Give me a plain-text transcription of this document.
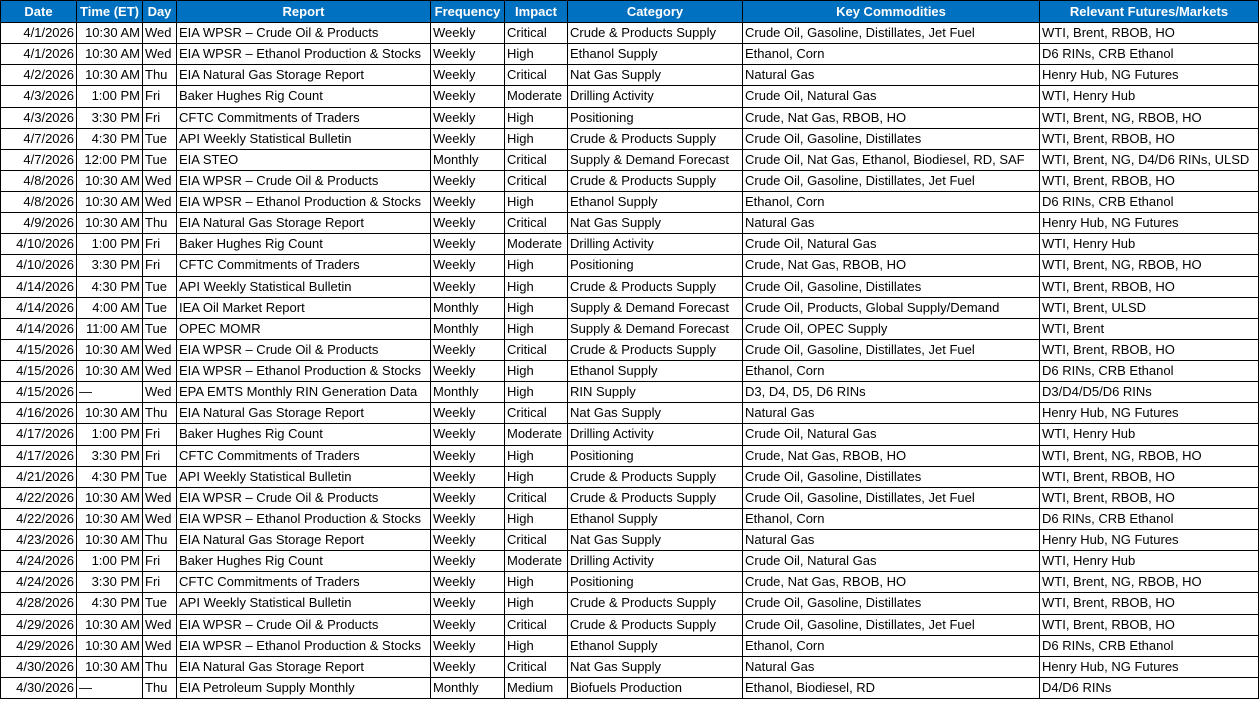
Date	Time (ET)	Day	Report	Frequency	Impact	Category	Key Commodities	Relevant Futures/Markets
4/1/2026	10:30 AM	Wed	EIA WPSR – Crude Oil & Products	Weekly	Critical	Crude & Products Supply	Crude Oil, Gasoline, Distillates, Jet Fuel	WTI, Brent, RBOB, HO
4/1/2026	10:30 AM	Wed	EIA WPSR – Ethanol Production & Stocks	Weekly	High	Ethanol Supply	Ethanol, Corn	D6 RINs, CRB Ethanol
4/2/2026	10:30 AM	Thu	EIA Natural Gas Storage Report	Weekly	Critical	Nat Gas Supply	Natural Gas	Henry Hub, NG Futures
4/3/2026	1:00 PM	Fri	Baker Hughes Rig Count	Weekly	Moderate	Drilling Activity	Crude Oil, Natural Gas	WTI, Henry Hub
4/3/2026	3:30 PM	Fri	CFTC Commitments of Traders	Weekly	High	Positioning	Crude, Nat Gas, RBOB, HO	WTI, Brent, NG, RBOB, HO
4/7/2026	4:30 PM	Tue	API Weekly Statistical Bulletin	Weekly	High	Crude & Products Supply	Crude Oil, Gasoline, Distillates	WTI, Brent, RBOB, HO
4/7/2026	12:00 PM	Tue	EIA STEO	Monthly	Critical	Supply & Demand Forecast	Crude Oil, Nat Gas, Ethanol, Biodiesel, RD, SAF	WTI, Brent, NG, D4/D6 RINs, ULSD
4/8/2026	10:30 AM	Wed	EIA WPSR – Crude Oil & Products	Weekly	Critical	Crude & Products Supply	Crude Oil, Gasoline, Distillates, Jet Fuel	WTI, Brent, RBOB, HO
4/8/2026	10:30 AM	Wed	EIA WPSR – Ethanol Production & Stocks	Weekly	High	Ethanol Supply	Ethanol, Corn	D6 RINs, CRB Ethanol
4/9/2026	10:30 AM	Thu	EIA Natural Gas Storage Report	Weekly	Critical	Nat Gas Supply	Natural Gas	Henry Hub, NG Futures
4/10/2026	1:00 PM	Fri	Baker Hughes Rig Count	Weekly	Moderate	Drilling Activity	Crude Oil, Natural Gas	WTI, Henry Hub
4/10/2026	3:30 PM	Fri	CFTC Commitments of Traders	Weekly	High	Positioning	Crude, Nat Gas, RBOB, HO	WTI, Brent, NG, RBOB, HO
4/14/2026	4:30 PM	Tue	API Weekly Statistical Bulletin	Weekly	High	Crude & Products Supply	Crude Oil, Gasoline, Distillates	WTI, Brent, RBOB, HO
4/14/2026	4:00 AM	Tue	IEA Oil Market Report	Monthly	High	Supply & Demand Forecast	Crude Oil, Products, Global Supply/Demand	WTI, Brent, ULSD
4/14/2026	11:00 AM	Tue	OPEC MOMR	Monthly	High	Supply & Demand Forecast	Crude Oil, OPEC Supply	WTI, Brent
4/15/2026	10:30 AM	Wed	EIA WPSR – Crude Oil & Products	Weekly	Critical	Crude & Products Supply	Crude Oil, Gasoline, Distillates, Jet Fuel	WTI, Brent, RBOB, HO
4/15/2026	10:30 AM	Wed	EIA WPSR – Ethanol Production & Stocks	Weekly	High	Ethanol Supply	Ethanol, Corn	D6 RINs, CRB Ethanol
4/15/2026	—	Wed	EPA EMTS Monthly RIN Generation Data	Monthly	High	RIN Supply	D3, D4, D5, D6 RINs	D3/D4/D5/D6 RINs
4/16/2026	10:30 AM	Thu	EIA Natural Gas Storage Report	Weekly	Critical	Nat Gas Supply	Natural Gas	Henry Hub, NG Futures
4/17/2026	1:00 PM	Fri	Baker Hughes Rig Count	Weekly	Moderate	Drilling Activity	Crude Oil, Natural Gas	WTI, Henry Hub
4/17/2026	3:30 PM	Fri	CFTC Commitments of Traders	Weekly	High	Positioning	Crude, Nat Gas, RBOB, HO	WTI, Brent, NG, RBOB, HO
4/21/2026	4:30 PM	Tue	API Weekly Statistical Bulletin	Weekly	High	Crude & Products Supply	Crude Oil, Gasoline, Distillates	WTI, Brent, RBOB, HO
4/22/2026	10:30 AM	Wed	EIA WPSR – Crude Oil & Products	Weekly	Critical	Crude & Products Supply	Crude Oil, Gasoline, Distillates, Jet Fuel	WTI, Brent, RBOB, HO
4/22/2026	10:30 AM	Wed	EIA WPSR – Ethanol Production & Stocks	Weekly	High	Ethanol Supply	Ethanol, Corn	D6 RINs, CRB Ethanol
4/23/2026	10:30 AM	Thu	EIA Natural Gas Storage Report	Weekly	Critical	Nat Gas Supply	Natural Gas	Henry Hub, NG Futures
4/24/2026	1:00 PM	Fri	Baker Hughes Rig Count	Weekly	Moderate	Drilling Activity	Crude Oil, Natural Gas	WTI, Henry Hub
4/24/2026	3:30 PM	Fri	CFTC Commitments of Traders	Weekly	High	Positioning	Crude, Nat Gas, RBOB, HO	WTI, Brent, NG, RBOB, HO
4/28/2026	4:30 PM	Tue	API Weekly Statistical Bulletin	Weekly	High	Crude & Products Supply	Crude Oil, Gasoline, Distillates	WTI, Brent, RBOB, HO
4/29/2026	10:30 AM	Wed	EIA WPSR – Crude Oil & Products	Weekly	Critical	Crude & Products Supply	Crude Oil, Gasoline, Distillates, Jet Fuel	WTI, Brent, RBOB, HO
4/29/2026	10:30 AM	Wed	EIA WPSR – Ethanol Production & Stocks	Weekly	High	Ethanol Supply	Ethanol, Corn	D6 RINs, CRB Ethanol
4/30/2026	10:30 AM	Thu	EIA Natural Gas Storage Report	Weekly	Critical	Nat Gas Supply	Natural Gas	Henry Hub, NG Futures
4/30/2026	—	Thu	EIA Petroleum Supply Monthly	Monthly	Medium	Biofuels Production	Ethanol, Biodiesel, RD	D4/D6 RINs
